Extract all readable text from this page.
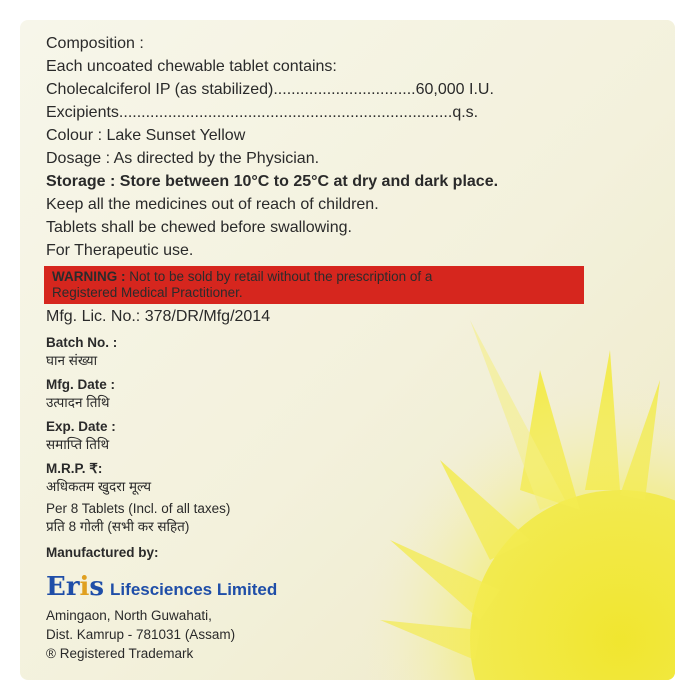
Composition :
Each uncoated chewable tablet contains:
Cholecalciferol IP (as stabilized)................................60,000 I.U.
Excipients...........................................................................q.s.
Colour : Lake Sunset Yellow
Dosage : As directed by the Physician.
Storage : Store between 10°C to 25°C at dry and dark place.
Keep all the medicines out of reach of children.
Tablets shall be chewed before swallowing.
For Therapeutic use.
WARNING : Not to be sold by retail without the prescription of a
Registered Medical Practitioner.
Mfg. Lic. No.: 378/DR/Mfg/2014
Batch No. :
घान संख्या
Mfg. Date :
उत्पादन तिथि
Exp. Date :
समाप्ति तिथि
M.R.P. ₹:
अधिकतम खुदरा मूल्य
Per 8 Tablets (Incl. of all taxes)
प्रति 8 गोली (सभी कर सहित)
Manufactured by:
Eris Lifesciences Limited
Amingaon, North Guwahati,
Dist. Kamrup - 781031 (Assam)
® Registered Trademark
